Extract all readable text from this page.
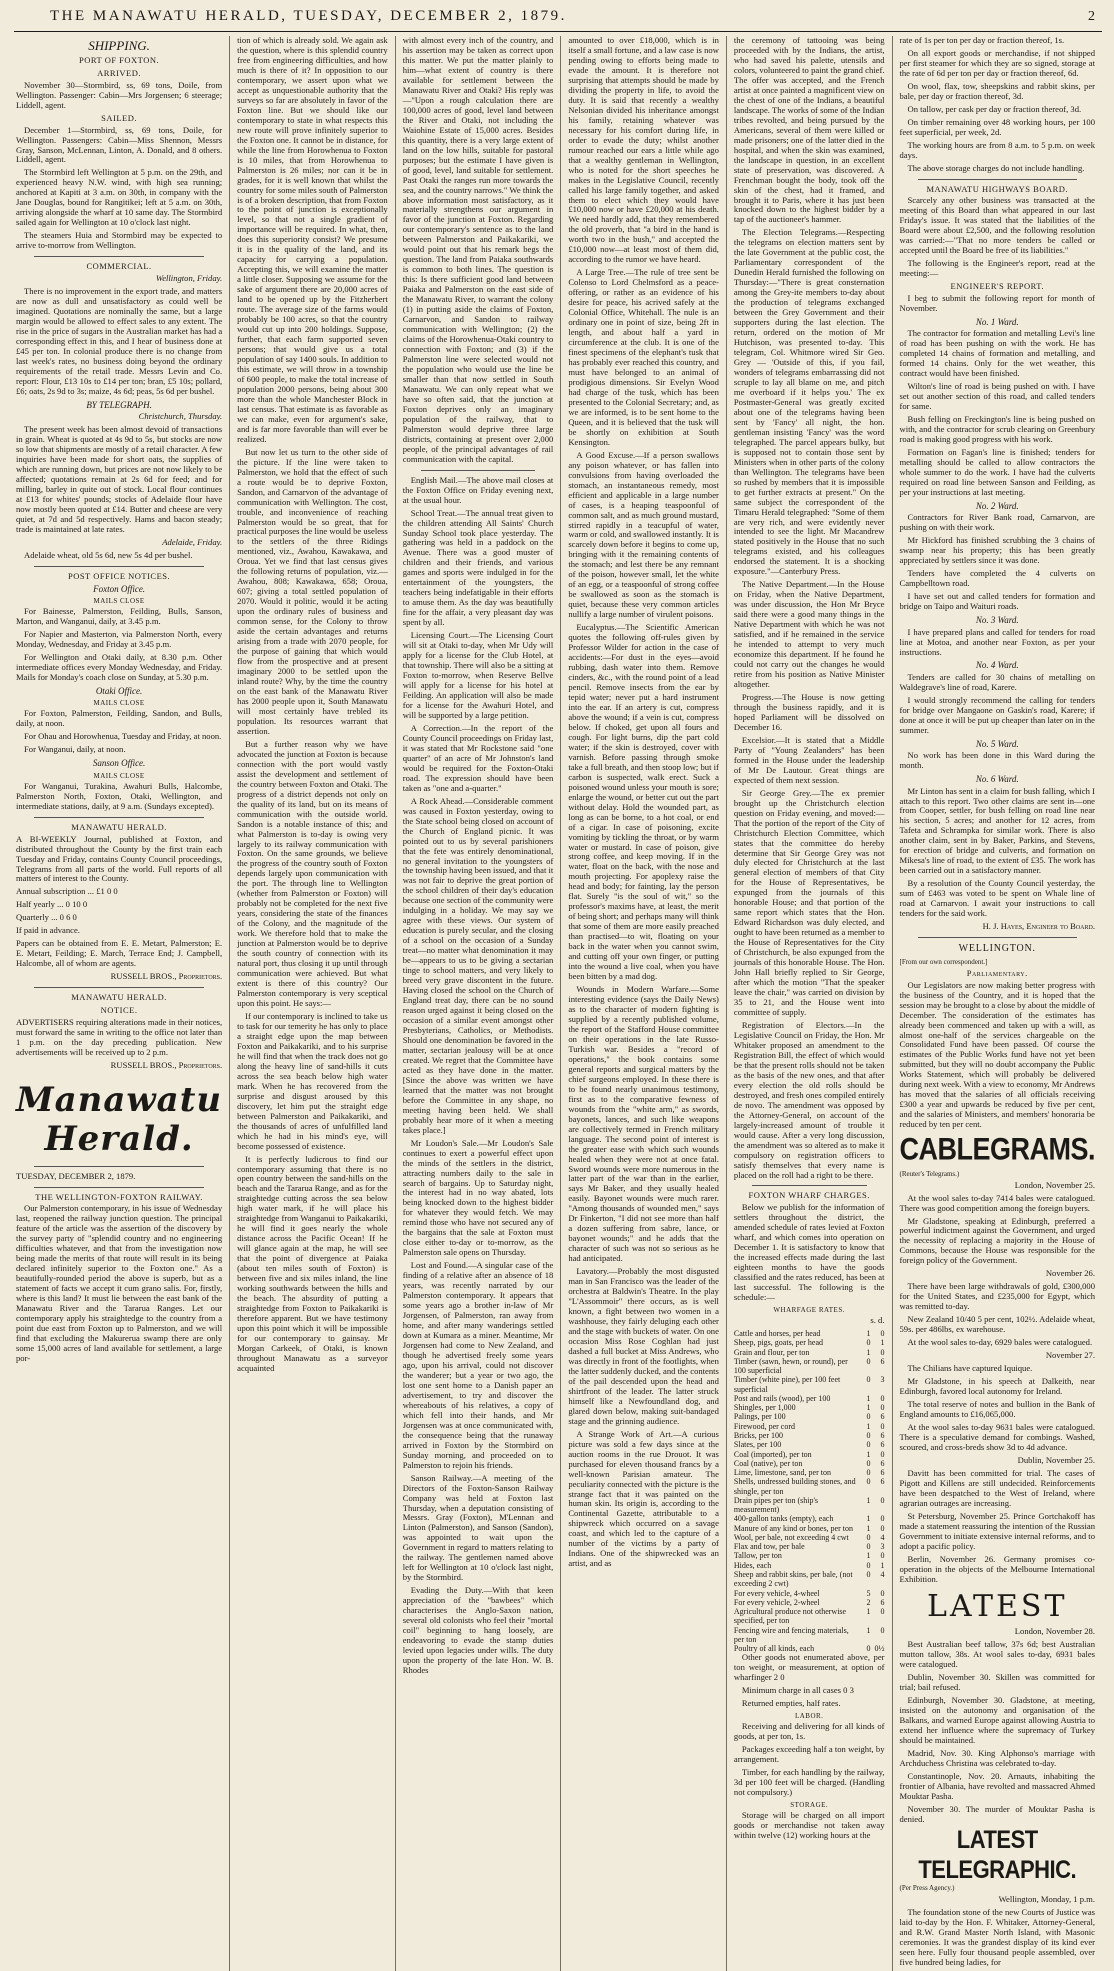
THE MANAWATU HERALD, TUESDAY, DECEMBER 2, 1879.	2
SHIPPING.
PORT OF FOXTON.
ARRIVED.

November 30—Stormbird, ss, 69 tons, Doile, from Wellington. Passenger: Cabin—Mrs Jorgensen; 6 steerage; Liddell, agent.

SAILED.

December 1—Stormbird, ss, 69 tons, Doile, for Wellington. Passengers: Cabin—Miss Shennon, Messrs Gray, Sanson, McLennan, Linton, A. Donald, and 8 others. Liddell, agent.

The Stormbird left Wellington at 5 p.m. on the 29th, and experienced heavy N.W. wind, with high sea running; anchored at Kapiti at 3 a.m. on 30th, in company with the Jane Douglas, bound for Rangitikei; left at 5 a.m. on 30th, arriving alongside the wharf at 10 same day. The Stormbird sailed again for Wellington at 10 o'clock last night.

The steamers Huia and Stormbird may be expected to arrive to-morrow from Wellington.

COMMERCIAL.

Wellington, Friday.

There is no improvement in the export trade, and matters are now as dull and unsatisfactory as could well be imagined. Quotations are nominally the same, but a large margin would be allowed to effect sales to any extent. The rise in the price of sugars in the Australian market has had a corresponding effect in this, and I hear of business done at £45 per ton. In colonial produce there is no change from last week's rates, no business doing beyond the ordinary requirements of the retail trade. Messrs Levin and Co. report: Flour, £13 10s to £14 per ton; bran, £5 10s; pollard, £6; oats, 2s 9d to 3s; maize, 4s 6d; peas, 5s 6d per bushel.

BY TELEGRAPH.

Christchurch, Thursday.

The present week has been almost devoid of transactions in grain. Wheat is quoted at 4s 9d to 5s, but stocks are now so low that shipments are mostly of a retail character. A few inquiries have been made for short oats, the supplies of which are running down, but prices are not now likely to be affected; quotations remain at 2s 6d for feed; and for milling, barley in quite out of stock. Local flour continues at £13 for whites' pounds; stocks of Adelaide flour have now mostly been quoted at £14. Butter and cheese are very quiet, at 7d and 5d respectively. Hams and bacon steady; trade is maintained at late rates.

Adelaide, Friday.

Adelaide wheat, old 5s 6d, new 5s 4d per bushel.

POST OFFICE NOTICES.
Foxton Office.
MAILS CLOSE

For Bainesse, Palmerston, Feilding, Bulls, Sanson, Marton, and Wanganui, daily, at 3.45 p.m.

For Napier and Masterton, via Palmerston North, every Monday, Wednesday, and Friday at 3.45 p.m.

For Wellington and Otaki daily, at 8.30 p.m. Other intermediate offices every Monday Wednesday, and Friday. Mails for Monday's coach close on Sunday, at 5.30 p.m.

Otaki Office.
MAILS CLOSE

For Foxton, Palmerston, Feilding, Sandon, and Bulls, daily, at noon.

For Ohau and Horowhenua, Tuesday and Friday, at noon.

For Wanganui, daily, at noon.

Sanson Office.
MAILS CLOSE

For Wanganui, Turakina, Awahuri Bulls, Halcombe, Palmerston North, Foxton, Otaki, Wellington, and intermediate stations, daily, at 9 a.m. (Sundays excepted).

MANAWATU HERALD.

A BI-WEEKLY Journal, published at Foxton, and distributed throughout the County by the first train each Tuesday and Friday, contains County Council proceedings, Telegrams from all parts of the world. Full reports of all matters of interest to the County.

Annual subscription ... £1 0 0

Half yearly ... 0 10 0

Quarterly ... 0 6 0

If paid in advance.

Papers can be obtained from E. E. Metart, Palmerston; E. E. Metart, Feilding; E. March, Terrace End; J. Campbell, Halcombe, all of whom are agents.

RUSSELL BROS., Proprietors.
MANAWATU HERALD.
NOTICE.

ADVERTISERS requiring alterations made in their notices, must forward the same in writing to the office not later than 1 p.m. on the day preceding publication. New advertisements will be received up to 2 p.m.

RUSSELL BROS., Proprietors.
Manawatu Herald.

TUESDAY, DECEMBER 2, 1879.

THE WELLINGTON-FOXTON RAILWAY.

Our Palmerston contemporary, in his issue of Wednesday last, reopened the railway junction question. The principal feature of the article was the assertion of the discovery by the survey party of "splendid country and no engineering difficulties whatever, and that from the investigation now being made the merits of that route will result in its being declared infinitely superior to the Foxton one." As a beautifully-rounded period the above is superb, but as a statement of facts we accept it cum grano salis. For, firstly, where is this land? It must lie between the east bank of the Manawatu River and the Tararua Ranges. Let our contemporary apply his straightedge to the country from a point due east from Foxton up to Palmerston, and we will find that excluding the Makurerua swamp there are only some 15,000 acres of land available for settlement, a large por-

tion of which is already sold. We again ask the question, where is this splendid country free from engineering difficulties, and how much is there of it? In opposition to our contemporary, we assert upon what we accept as unquestionable authority that the surveys so far are absolutely in favor of the Foxton line. But we should like our contemporary to state in what respects this new route will prove infinitely superior to the Foxton one. It cannot be in distance, for while the line from Horowhenua to Foxton is 10 miles, that from Horowhenua to Palmerston is 26 miles; nor can it be in grades, for it is well known that whilst the country for some miles south of Palmerston is of a broken description, that from Foxton to the point of junction is exceptionally level, so that not a single gradient of importance will be required. In what, then, does this superiority consist? We presume it is in the quality of the land, and its capacity for carrying a population. Accepting this, we will examine the matter a little closer. Supposing we assume for the sake of argument there are 20,000 acres of land to be opened up by the Fitzherbert route. The average size of the farms would probably be 100 acres, so that the country would cut up into 200 holdings. Suppose, further, that each farm supported seven persons; that would give us a total population of say 1400 souls. In addition to this estimate, we will throw in a township of 600 people, to make the total increase of population 2000 persons, being about 300 more than the whole Manchester Block in last census. That estimate is as favorable as we can make, even for argument's sake, and is far more favorable than will ever be realized.

But now let us turn to the other side of the picture. If the line were taken to Palmerston, we hold that the effect of such a route would be to deprive Foxton, Sandon, and Carnarvon of the advantage of communication with Wellington. The cost, trouble, and inconvenience of reaching Palmerston would be so great, that for practical purposes the line would be useless to the settlers of the three Ridings mentioned, viz., Awahou, Kawakawa, and Oroua. Yet we find that last census gives the following returns of population, viz.—Awahou, 808; Kawakawa, 658; Oroua, 607; giving a total settled population of 2070. Would it politic, would it be acting upon the ordinary rules of business and common sense, for the Colony to throw aside the certain advantages and returns arising from a trade with 2070 people, for the purpose of gaining that which would flow from the prospective and at present imaginary 2000 to be settled upon the inland route? Why, by the time the country on the east bank of the Manawatu River has 2000 people upon it, South Manawatu will most certainly have trebled its population. Its resources warrant that assertion.

But a further reason why we have advocated the junction at Foxton is because connection with the port would vastly assist the development and settlement of the country between Foxton and Otaki. The progress of a district depends not only on the quality of its land, but on its means of communication with the outside world. Sandon is a notable instance of this; and what Palmerston is to-day is owing very largely to its railway communication with Foxton. On the same grounds, we believe the progress of the country south of Foxton depends largely upon communication with the port. The through line to Wellington (whether from Palmerston or Foxton) will probably not be completed for the next five years, considering the state of the finances of the Colony, and the magnitude of the work. We therefore hold that to make the junction at Palmerston would be to deprive the south country of connection with its natural port, thus closing it up until through communication were achieved. But what extent is there of this country? Our Palmerston contemporary is very sceptical upon this point. He says:—

If our contemporary is inclined to take us to task for our temerity he has only to place a straight edge upon the map between Foxton and Paikakariki, and to his surprise he will find that when the track does not go along the heavy line of sand-hills it cuts across the sea beach below high water mark. When he has recovered from the surprise and disgust aroused by this discovery, let him put the straight edge between Palmerston and Paikakariki, and the thousands of acres of unfulfilled land which he had in his mind's eye, will become possessed of existence.

It is perfectly ludicrous to find our contemporary assuming that there is no open country between the sand-hills on the beach and the Tararua Range, and as for the straightedge cutting across the sea below high water mark, if he will place his straightedge from Wanganui to Paikakariki, he will find it goes nearly the whole distance across the Pacific Ocean! If he will glance again at the map, he will see that the point of divergence at Paiaka (about ten miles south of Foxton) is between five and six miles inland, the line working southwards between the hills and the beach. The absurdity of putting a straightedge from Foxton to Paikakariki is therefore apparent. But we have testimony upon this point which it will be impossible for our contemporary to gainsay. Mr Morgan Carkeek, of Otaki, is known throughout Manawatu as a surveyor acquainted

with almost every inch of the country, and his assertion may be taken as correct upon this matter. We put the matter plainly to him—what extent of country is there available for settlement between the Manawatu River and Otaki? His reply was—"Upon a rough calculation there are 100,000 acres of good, level land between the River and Otaki, not including the Waiohine Estate of 15,000 acres. Besides this quantity, there is a very large extent of land on the low hills, suitable for pastoral purposes; but the estimate I have given is of good, level, land suitable for settlement. Past Otaki the ranges run more towards the sea, and the country narrows." We think the above information most satisfactory, as it materially strengthens our argument in favor of the junction at Foxton. Regarding our contemporary's sentence as to the land between Palmerston and Paikakariki, we would point out that his remark begs the question. The land from Paiaka southwards is common to both lines. The question is this: Is there sufficient good land between Paiaka and Palmerston on the east side of the Manawatu River, to warrant the colony (1) in putting aside the claims of Foxton, Carnarvon, and Sandon to railway communication with Wellington; (2) the claims of the Horowhenua-Otaki country to connection with Foxton; and (3) if the Palmerston line were selected would not the population who would use the line be smaller than that now settled in South Manawatu. We can only repeat what we have so often said, that the junction at Foxton deprives only an imaginary population of the railway, that to Palmerston would deprive three large districts, containing at present over 2,000 people, of the principal advantages of rail communication with the capital.

English Mail.—The above mail closes at the Foxton Office on Friday evening next, at the usual hour.

School Treat.—The annual treat given to the children attending All Saints' Church Sunday School took place yesterday. The gathering was held in a paddock on the Avenue. There was a good muster of children and their friends, and various games and sports were indulged in for the entertainment of the youngsters, the teachers being indefatigable in their efforts to amuse them. As the day was beautifully fine for the affair, a very pleasant day was spent by all.

Licensing Court.—The Licensing Court will sit at Otaki to-day, when Mr Udy will apply for a license for the Club Hotel, at that township. There will also be a sitting at Foxton to-morrow, when Reserve Bellve will apply for a license for his hotel at Feilding. An application will also be made for a license for the Awahuri Hotel, and will be supported by a large petition.

A Correction.—In the report of the County Council proceedings on Friday last, it was stated that Mr Rockstone said "one quarter" of an acre of Mr Johnston's land would be required for the Foxton-Otaki road. The expression should have been taken as "one and a-quarter."

A Rock Ahead.—Considerable comment was caused in Foxton yesterday, owing to the State school being closed on account of the Church of England picnic. It was pointed out to us by several parishioners that the fete was entirely denominational, no general invitation to the youngsters of the township having been issued, and that it was not fair to deprive the great portion of the school children of their day's education because one section of the community were indulging in a holiday. We may say we agree with these views. Our system of education is purely secular, and the closing of a school on the occasion of a Sunday treat—no matter what denomination it may be—appears to us to be giving a sectarian tinge to school matters, and very likely to breed very grave discontent in the future. Having closed the school on the Church of England treat day, there can be no sound reason urged against it being closed on the occasion of a similar event amongst other Presbyterians, Catholics, or Methodists. Should one denomination be favored in the matter, sectarian jealousy will be at once created. We regret that the Committee have acted as they have done in the matter. [Since the above was written we have learned that the matter was not brought before the Committee in any shape, no meeting having been held. We shall probably hear more of it when a meeting takes place.]

Mr Loudon's Sale.—Mr Loudon's Sale continues to exert a powerful effect upon the minds of the settlers in the district, attracting numbers daily to the sale in search of bargains. Up to Saturday night, the interest had in no way abated, lots being knocked down to the highest bidder for whatever they would fetch. We may remind those who have not secured any of the bargains that the sale at Foxton must close either to-day or to-morrow, as the Palmerston sale opens on Thursday.

Lost and Found.—A singular case of the finding of a relative after an absence of 18 years, was recently narrated by our Palmerston contemporary. It appears that some years ago a brother in-law of Mr Jorgensen, of Palmerston, ran away from home, and after many wanderings settled down at Kumara as a miner. Meantime, Mr Jorgensen had come to New Zealand, and though he advertised freely some years ago, upon his arrival, could not discover the wanderer; but a year or two ago, the lost one sent home to a Danish paper an advertisement, to try and discover the whereabouts of his relatives, a copy of which fell into their hands, and Mr Jorgensen was at once communicated with, the consequence being that the runaway arrived in Foxton by the Stormbird on Sunday morning, and proceeded on to Palmerston to rejoin his friends.

Sanson Railway.—A meeting of the Directors of the Foxton-Sanson Railway Company was held at Foxton last Thursday, when a deputation consisting of Messrs. Gray (Foxton), M'Lennan and Linton (Palmerston), and Sanson (Sandon), was appointed to wait upon the Government in regard to matters relating to the railway. The gentlemen named above left for Wellington at 10 o'clock last night, by the Stormbird.

Evading the Duty.—With that keen appreciation of the "bawbees" which characterises the Anglo-Saxon nation, several old colonists who feel their "mortal coil" beginning to hang loosely, are endeavoring to evade the stamp duties levied upon legacies under wills. The duty upon the property of the late Hon. W. B. Rhodes

amounted to over £18,000, which is in itself a small fortune, and a law case is now pending owing to efforts being made to evade the amount. It is therefore not surprising that attempts should be made by dividing the property in life, to avoid the duty. It is said that recently a wealthy Nelsonian divided his inheritance amongst his family, retaining whatever was necessary for his comfort during life, in order to evade the duty; whilst another rumour reached our ears a little while ago that a wealthy gentleman in Wellington, who is noted for the short speeches he makes in the Legislative Council, recently called his large family together, and asked them to elect which they would have £10,000 now or have £20,000 at his death. We need hardly add, that they remembered the old proverb, that "a bird in the hand is worth two in the bush," and accepted the £10,000 now—at least most of them did, according to the rumor we have heard.

A Large Tree.—The rule of tree sent be Colenso to Lord Chelmsford as a peace-offering, or rather as an evidence of his desire for peace, his acrived safely at the Colonial Office, Whitehall. The nule is an ordinary one in point of size, being 2ft in length, and about half a yard in circumference at the club. It is one of the finest specimens of the elephant's tusk that has probably ever reached this country, and must have belonged to an animal of prodigious dimensions. Sir Evelyn Wood had charge of the tusk, which has been presented to the Colonial Secretary; and, as we are informed, is to be sent home to the Queen, and it is believed that the tusk will be shortly on exhibition at South Kensington.

A Good Excuse.—If a person swallows any poison whatever, or has fallen into convulsions from having overloaded the stomach, an instantaneous remedy, most efficient and applicable in a large number of cases, is a heaping teaspoonful of common salt, and as much ground mustard, stirred rapidly in a teacupful of water, warm or cold, and swallowed instantly. It is scarcely down before it begins to come up, bringing with it the remaining contents of the stomach; and lest there be any remnant of the poison, however small, let the white of an egg, or a teaspoonful of strong coffee be swallowed as soon as the stomach is quiet, because these very common articles nullify a large number of virulent poisons.

Eucalyptus.—The Scientific American quotes the following off-rules given by Professor Wilder for action in the case of accidents:—For dust in the eyes—avoid rubbing, dash water into them. Remove cinders, &c., with the round point of a lead pencil. Remove insects from the ear by tepid water; never put a hard instrument into the ear. If an artery is cut, compress above the wound; if a vein is cut, compress below. If choked, get upon all fours and cough. For light burns, dip the part cold water; if the skin is destroyed, cover with varnish. Before passing through smoke take a full breath, and then stoop low; but if carbon is suspected, walk erect. Suck a poisoned wound unless your mouth is sore; enlarge the wound, or better cut out the part without delay. Hold the wounded part, as long as can be borne, to a hot coal, or end of a cigar. In case of poisoning, excite vomiting by tickling the throat, or by warm water or mustard. In case of poison, give strong coffee, and keep moving. If in the water, float on the back, with the nose and mouth projecting. For apoplexy raise the head and body; for fainting, lay the person flat. Surely "is the soul of wit," so the professor's maxims have, at least, the merit of being short; and perhaps many will think that some of them are more easily preached than practised—to wit, floating on your back in the water when you cannot swim, and cutting off your own finger, or putting into the wound a live coal, when you have been bitten by a mad dog.

Wounds in Modern Warfare.—Some interesting evidence (says the Daily News) as to the character of modern fighting is supplied by a recently published volume, the report of the Stafford House committee on their operations in the late Russo-Turkish war. Besides a "record of operations," the book contains some general reports and surgical matters by the chief surgeons employed. In these there is to be found nearly unanimous testimony, first as to the comparative fewness of wounds from the "white arm," as swords, bayonets, lances, and such like weapons are collectively termed in French military language. The second point of interest is the greater ease with which such wounds healed when they were not at once fatal. Sword wounds were more numerous in the latter part of the war than in the earlier, says Mr Baker, and they usually healed easily. Bayonet wounds were much rarer. "Among thousands of wounded men," says Dr Finkerton, "I did not see more than half a dozen suffering from sabre, lance, or bayonet wounds;" and he adds that the character of such was not so serious as he had anticipated.

Lavatory.—Probably the most disgusted man in San Francisco was the leader of the orchestra at Baldwin's Theatre. In the play "L'Assommoir" there occurs, as is well known, a fight between two women in a washhouse, they fairly deluging each other and the stage with buckets of water. On one occasion Miss Rose Coghlan had just dashed a full bucket at Miss Andrews, who was directly in front of the footlights, when the latter suddenly ducked, and the contents of the pail descended upon the head and shirtfront of the leader. The latter struck himself like a Newfoundland dog, and glared down below, making suit-bandaged stage and the grinning audience.

A Strange Work of Art.—A curious picture was sold a few days since at the auction rooms in the rue Drouot. It was purchased for eleven thousand francs by a well-known Parisian amateur. The peculiarity connected with the picture is the strange fact that it was painted on the human skin. Its origin is, according to the Continental Gazette, attributable to a shipwreck which occurred on a savage coast, and which led to the capture of a number of the victims by a party of Indians. One of the shipwrecked was an artist, and as

the ceremony of tattooing was being proceeded with by the Indians, the artist, who had saved his palette, utensils and colors, volunteered to paint the grand chief. The offer was accepted, and the French artist at once painted a magnificent view on the chest of one of the Indians, a beautiful landscape. The works of some of the Indian tribes revolted, and being pursued by the Americans, several of them were killed or made prisoners; one of the latter died in the hospital, and when the skin was examined, the landscape in question, in an excellent state of preservation, was discovered. A Frenchman bought the body, took off the skin of the chest, had it framed, and brought it to Paris, where it has just been knocked down to the highest bidder by a tap of the auctioneer's hammer.

The Election Telegrams.—Respecting the telegrams on election matters sent by the late Government at the public cost, the Parliamentary correspondent of the Dunedin Herald furnished the following on Thursday:—"There is great consternation among the Grey-ite members to-day about the production of telegrams exchanged between the Grey Government and their supporters during the last election. The return, ordered on the motion of Mr Hutchison, was presented to-day. This telegram, Col. Whitmore wired Sir Geo. Grey — 'Outside of this, if you fail, wonders of telegrams embarrassing did not scruple to lay all blame on me, and pitch me overboard if it helps you.' The ex Postmaster-General was greatly excited about one of the telegrams having been sent by 'Fancy' all night, the hon. gentleman insisting 'Fancy' was the word telegraphed. The parcel appears bulky, but is supposed not to contain those sent by Ministers when in other parts of the colony than Wellington. The telegrams have been so rushed by members that it is impossible to get further extracts at present." On the same subject the correspondent of the Timaru Herald telegraphed: "Some of them are very rich, and were evidently never intended to see the light. Mr Macandrew stated positively in the House that no such telegrams existed, and his colleagues endorsed the statement. It is a shocking exposure."—Canterbury Press.

The Native Department.—In the House on Friday, when the Native Department, was under discussion, the Hon Mr Bryce said there were a good many things in the Native Department with which he was not satisfied, and if he remained in the service he intended to attempt to very much economize this department. If he found he could not carry out the changes he would retire from his position as Native Minister altogether.

Progress.—The House is now getting through the business rapidly, and it is hoped Parliament will be dissolved on December 16.

Excelsior.—It is stated that a Middle Party of "Young Zealanders" has been formed in the House under the leadership of Mr De Lautour. Great things are expected of them next session.

Sir George Grey.—The ex premier brought up the Christchurch election question on Friday evening, and moved:—That the portion of the report of the City of Christchurch Election Committee, which states that the committee do hereby determine that Sir George Grey was not duly elected for Christchurch at the last general election of members of that City for the House of Representatives, be expunged from the journals of this honorable House; and that portion of the same report which states that the Hon. Edward Richardson was duly elected, and ought to have been returned as a member to the House of Representatives for the City of Christchurch, be also expunged from the journals of this honorable House. The Hon. John Hall briefly replied to Sir George, after which the motion "That the speaker leave the chair," was carried on division by 35 to 21, and the House went into committee of supply.

Registration of Electors.—In the Legislative Council on Friday, the Hon. Mr Whitaker proposed an amendment to the Registration Bill, the effect of which would be that the present rolls should not be taken as the basis of the new ones, and that after every election the old rolls should be destroyed, and fresh ones compiled entirely de novo. The amendment was opposed by the Attorney-General, on account of the largely-increased amount of trouble it would cause. After a very long discussion, the amendment was so altered as to make it compulsory on registration officers to satisfy themselves that every name is placed on the roll had a right to be there.

FOXTON WHARF CHARGES.

Below we publish for the information of settlers throughout the district, the amended schedule of rates levied at Foxton wharf, and which comes into operation on December 1. It is satisfactory to know that the increased effects made during the last eighteen months to have the goods classified and the rates reduced, has been at last successful. The following is the schedule:—

WHARFAGE RATES.

s. d.

Cattle and horses, per head	1	0
Sheep, pigs, goats, per head	0	1
Grain and flour, per ton	1	0
Timber (sawn, hewn, or round), per 100 superficial	0	6
Timber (white pine), per 100 feet superficial	0	3
Post and rails (wood), per 100	1	0
Shingles, per 1,000	1	0
Palings, per 100	0	6
Firewood, per cord	1	0
Bricks, per 100	0	6
Slates, per 100	0	6
Coal (imported), per ton	1	0
Coal (native), per ton	0	6
Lime, limestone, sand, per ton	0	6
Shells, undressed building stones, and shingle, per ton	0	6
Drain pipes per ton (ship's measurement)	1	0
400-gallon tanks (empty), each	1	0
Manure of any kind or bones, per ton	1	0
Wool, per bale, not exceeding 4 cwt	0	4
Flax and tow, per bale	0	3
Tallow, per ton	1	0
Hides, each	0	1
Sheep and rabbit skins, per bale, (not exceeding 2 cwt)	0	4
For every vehicle, 4-wheel	5	0
For every vehicle, 2-wheel	2	6
Agricultural produce not otherwise specified, per ton	1	0
Fencing wire and fencing materials, per ton	1	0
Poultry of all kinds, each	0	0½

Other goods not enumerated above, per ton weight, or measurement, at option of wharfinger 2 0

Minimum charge in all cases 0 3

Returned empties, half rates.

LABOR.

Receiving and delivering for all kinds of goods, at per ton, 1s.

Packages exceeding half a ton weight, by arrangement.

Timber, for each handling by the railway, 3d per 100 feet will be charged. (Handling not compulsory.)

STORAGE.

Storage will be charged on all import goods or merchandise not taken away within twelve (12) working hours at the

rate of 1s per ton per day or fraction thereof, 1s.

On all export goods or merchandise, if not shipped per first steamer for which they are so signed, storage at the rate of 6d per ton per day or fraction thereof, 6d.

On wool, flax, tow, sheepskins and rabbit skins, per bale, per day or fraction thereof, 3d.

On tallow, per cask per day or fraction thereof, 3d.

On timber remaining over 48 working hours, per 100 feet superficial, per week, 2d.

The working hours are from 8 a.m. to 5 p.m. on week days.

The above storage charges do not include handling.

MANAWATU HIGHWAYS BOARD.

Scarcely any other business was transacted at the meeting of this Board than what appeared in our last Friday's issue. It was stated that the liabilities of the Board were about £2,500, and the following resolution was carried:—"That no more tenders be called or accepted until the Board be free of its liabilities."

The following is the Engineer's report, read at the meeting:—

ENGINEER'S REPORT.

I beg to submit the following report for month of November.

No. 1 Ward.

The contractor for formation and metalling Levi's line of road has been pushing on with the work. He has completed 14 chains of formation and metalling, and formed 14 chains. Only for the wet weather, this contract would have been finished.

Wilton's line of road is being pushed on with. I have set out another section of this road, and called tenders for same.

Bush felling on Freckington's line is being pushed on with, and the contractor for scrub clearing on Greenbury road is making good progress with his work.

Formation on Fagan's line is finished; tenders for metalling should be called to allow contractors the whole summer to do the work. I have had the culverts required on road line between Sanson and Feilding, as per your instructions at last meeting.

No. 2 Ward.

Contractors for River Bank road, Carnarvon, are pushing on with their work.

Mr Hickford has finished scrubbing the 3 chains of swamp near his property; this has been greatly appreciated by settlers since it was done.

Tenders have completed the 4 culverts on Campbelltown road.

I have set out and called tenders for formation and bridge on Taipo and Waituri roads.

No. 3 Ward.

I have prepared plans and called for tenders for road line at Motoa, and another near Foxton, as per your instructions.

No. 4 Ward.

Tenders are called for 30 chains of metalling on Waldegrave's line of road, Karere.

I would strongly recommend the calling for tenders for bridge over Mangaone on Gaskin's road, Karere; if done at once it will be put up cheaper than later on in the summer.

No. 5 Ward.

No work has been done in this Ward during the month.

No. 6 Ward.

Mr Linton has sent in a claim for bush falling, which I attach to this report. Two other claims are sent in—one from Cooper, settler, for bush felling on road line near his section, 5 acres; and another for 12 acres, from Tafeta and Schrampka for similar work. There is also another claim, sent in by Baker, Parkins, and Stevens, for erection of bridge and culverts, and formation on Mikesa's line of road, to the extent of £35. The work has been carried out in a satisfactory manner.

By a resolution of the County Council yesterday, the sum of £463 was voted to be spent on Whale line of road at Carnarvon. I await your instructions to call tenders for the said work.

H. J. Hayes, Engineer to Board.
WELLINGTON.

[From our own correspondent.]

Parliamentary.

Our Legislators are now making better progress with the business of the Country, and it is hoped that the session may be brought to a close by about the middle of December. The consideration of the estimates has already been commenced and taken up with a will, as almost one-half of the services chargeable on the Consolidated Fund have been passed. Of course the estimates of the Public Works fund have not yet been submitted, but they will no doubt accompany the Public Works Statement, which will probably be delivered during next week. With a view to economy, Mr Andrews has moved that the salaries of all officials receiving £300 a year and upwards be reduced by five per cent, and the salaries of Ministers, and members' honoraria be reduced by ten per cent.

CABLEGRAMS.

(Reuter's Telegrams.)

London, November 25.

At the wool sales to-day 7414 bales were catalogued. There was good competition among the foreign buyers.

Mr Gladstone, speaking at Edinburgh, preferred a powerful indictment against the Government, and urged the necessity of replacing a majority in the House of Commons, because the House was responsible for the foreign policy of the Government.

November 26.

There have been large withdrawals of gold, £300,000 for the United States, and £235,000 for Egypt, which was remitted to-day.

New Zealand 10/40 5 per cent, 102½. Adelaide wheat, 59s. per 486lbs, ex warehouse.

At the wool sales to-day, 6929 bales were catalogued.

November 27.

The Chilians have captured Iquique.

Mr Gladstone, in his speech at Dalkeith, near Edinburgh, favored local autonomy for Ireland.

The total reserve of notes and bullion in the Bank of England amounts to £16,065,000.

At the wool sales to-day 9631 bales were catalogued. There is a speculative demand for combings. Washed, scoured, and cross-breds show 3d to 4d advance.

Dublin, November 25.

Davitt has been committed for trial. The cases of Pigott and Killens are still undecided. Reinforcements have been despatched to the West of Ireland, where agrarian outrages are increasing.

St Petersburg, November 25. Prince Gortchakoff has made a statement reassuring the intention of the Russian Government to initiate extensive internal reforms, and to adopt a pacific policy.

Berlin, November 26. Germany promises co-operation in the objects of the Melbourne International Exhibition.

LATEST

London, November 28.

Best Australian beef tallow, 37s 6d; best Australian mutton tallow, 38s. At wool sales to-day, 6931 bales were catalogued.

Dublin, November 30. Skillen was committed for trial; bail refused.

Edinburgh, November 30. Gladstone, at meeting, insisted on the autonomy and organisation of the Balkans, and warned Europe against allowing Austria to extend her influence where the supremacy of Turkey should be maintained.

Madrid, Nov. 30. King Alphonso's marriage with Archduchess Christina was celebrated to-day.

Constantinople, Nov. 20. Arnauts, inhabiting the frontier of Albania, have revolted and massacred Ahmed Mouktar Pasha.

November 30. The murder of Mouktar Pasha is denied.

LATEST TELEGRAPHIC.

(Per Press Agency.)

Wellington, Monday, 1 p.m.

The foundation stone of the new Courts of Justice was laid to-day by the Hon. F. Whitaker, Attorney-General, and R.W. Grand Master North Island, with Masonic ceremonies. It was the grandest display of its kind ever seen here. Fully four thousand people assembled, over five hundred being ladies, for
